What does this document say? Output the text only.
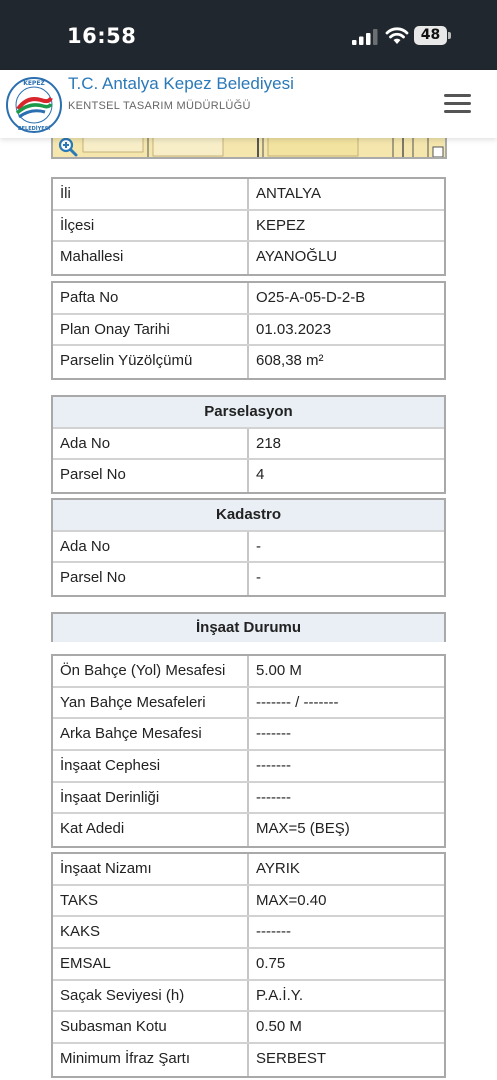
16:58	48
KEPEZ
BELEDİYESİ
T.C. Antalya Kepez Belediyesi
KENTSEL TASARIM MÜDÜRLÜĞÜ
İli	ANTALYA
İlçesi	KEPEZ
Mahallesi	AYANOĞLU
Pafta No	O25-A-05-D-2-B
Plan Onay Tarihi	01.03.2023
Parselin Yüzölçümü	608,38 m²
Parselasyon
Ada No	218
Parsel No	4
Kadastro
Ada No	-
Parsel No	-
İnşaat Durumu
Ön Bahçe (Yol) Mesafesi	5.00 M
Yan Bahçe Mesafeleri	------- / -------
Arka Bahçe Mesafesi	-------
İnşaat Cephesi	-------
İnşaat Derinliği	-------
Kat Adedi	MAX=5 (BEŞ)
İnşaat Nizamı	AYRIK
TAKS	MAX=0.40
KAKS	-------
EMSAL	0.75
Saçak Seviyesi (h)	P.A.İ.Y.
Subasman Kotu	0.50 M
Minimum İfraz Şartı	SERBEST
